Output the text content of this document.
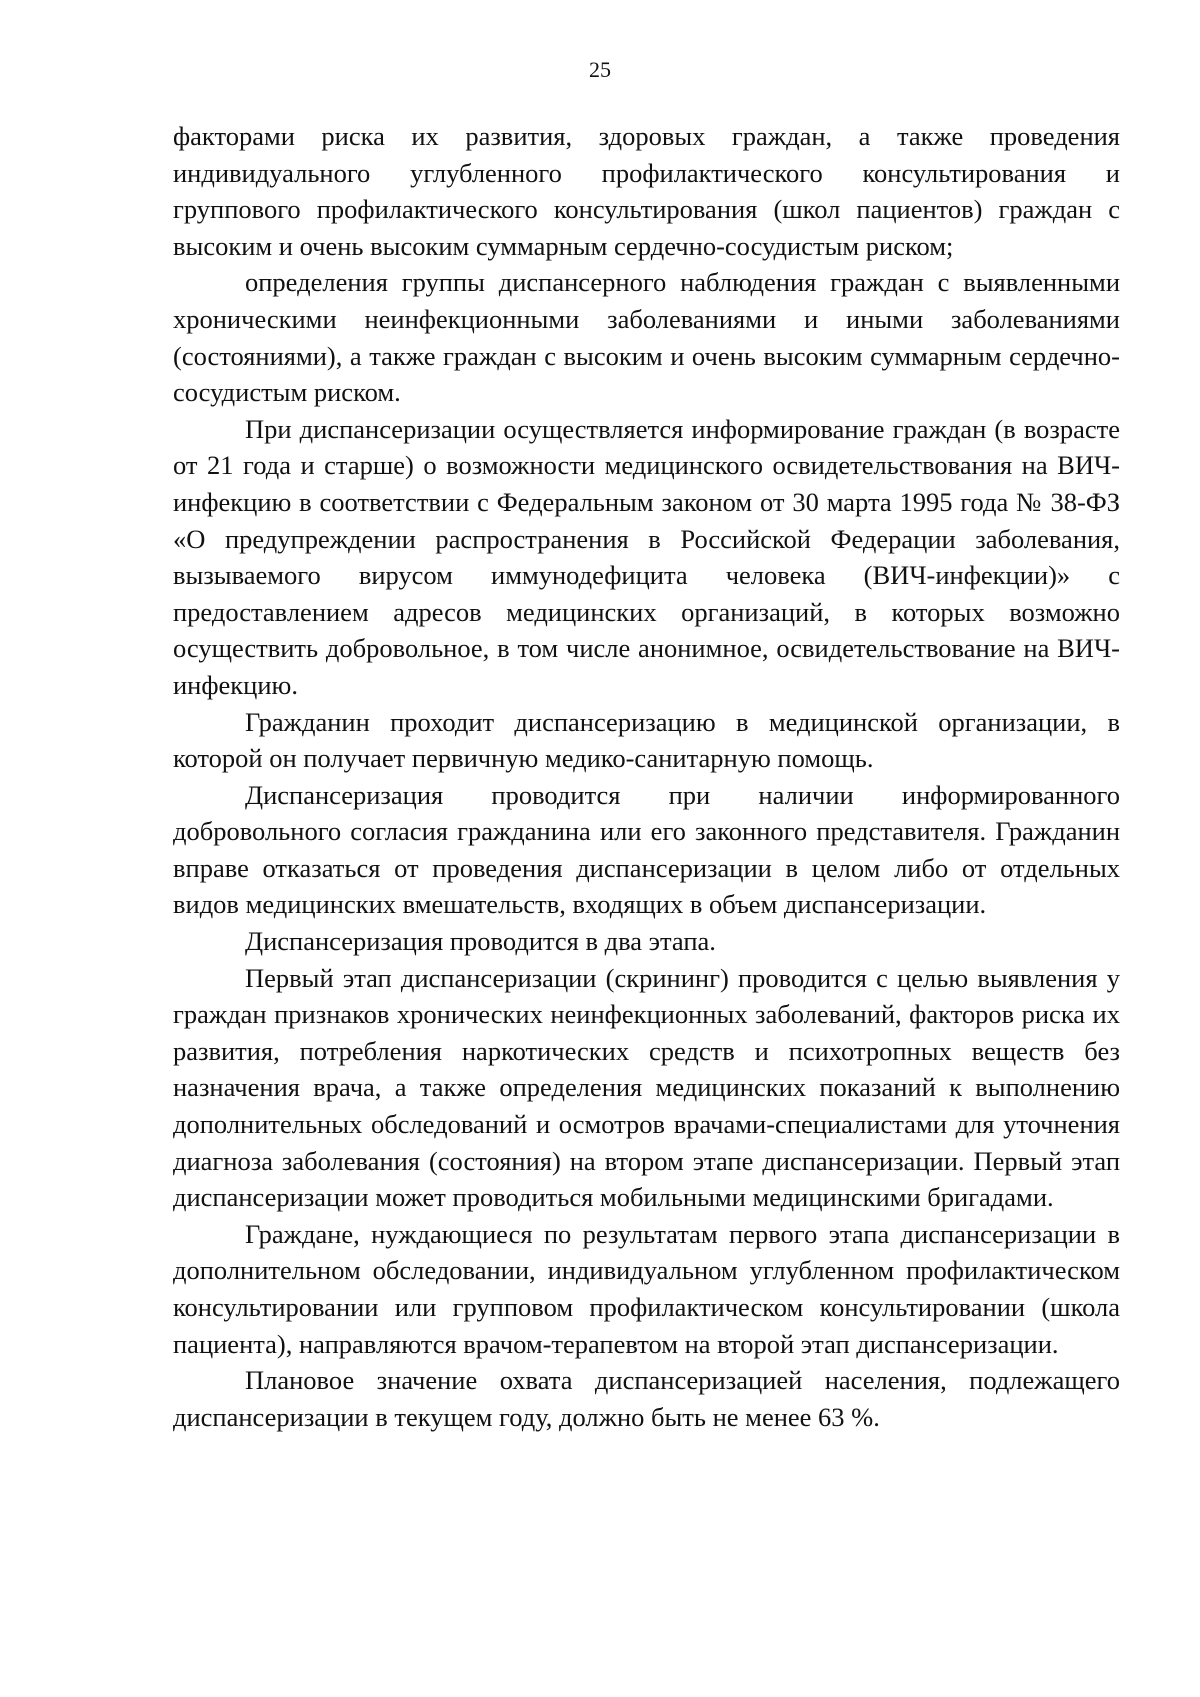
25

факторами риска их развития, здоровых граждан, а также проведения индивидуального углубленного профилактического консультирования и группового профилактического консультирования (школ пациентов) граждан с высоким и очень высоким суммарным сердечно-сосудистым риском;

определения группы диспансерного наблюдения граждан с выявленными хроническими неинфекционными заболеваниями и иными заболеваниями (состояниями), а также граждан с высоким и очень высоким суммарным сердечно-сосудистым риском.

При диспансеризации осуществляется информирование граждан (в возрасте от 21 года и старше) о возможности медицинского освидетельствования на ВИЧ-инфекцию в соответствии с Федеральным законом от 30 марта 1995 года № 38-ФЗ «О предупреждении распространения в Российской Федерации заболевания, вызываемого вирусом иммунодефицита человека (ВИЧ-инфекции)» с предоставлением адресов медицинских организаций, в которых возможно осуществить добровольное, в том числе анонимное, освидетельствование на ВИЧ-инфекцию.

Гражданин проходит диспансеризацию в медицинской организации, в которой он получает первичную медико-санитарную помощь.

Диспансеризация проводится при наличии информированного добровольного согласия гражданина или его законного представителя. Гражданин вправе отказаться от проведения диспансеризации в целом либо от отдельных видов медицинских вмешательств, входящих в объем диспансеризации.

Диспансеризация проводится в два этапа.

Первый этап диспансеризации (скрининг) проводится с целью выявления у граждан признаков хронических неинфекционных заболеваний, факторов риска их развития, потребления наркотических средств и психотропных веществ без назначения врача, а также определения медицинских показаний к выполнению дополнительных обследований и осмотров врачами-специалистами для уточнения диагноза заболевания (состояния) на втором этапе диспансеризации. Первый этап диспансеризации может проводиться мобильными медицинскими бригадами.

Граждане, нуждающиеся по результатам первого этапа диспансеризации в дополнительном обследовании, индивидуальном углубленном профилактическом консультировании или групповом профилактическом консультировании (школа пациента), направляются врачом-терапевтом на второй этап диспансеризации.

Плановое значение охвата диспансеризацией населения, подлежащего диспансеризации в текущем году, должно быть не менее 63 %.
